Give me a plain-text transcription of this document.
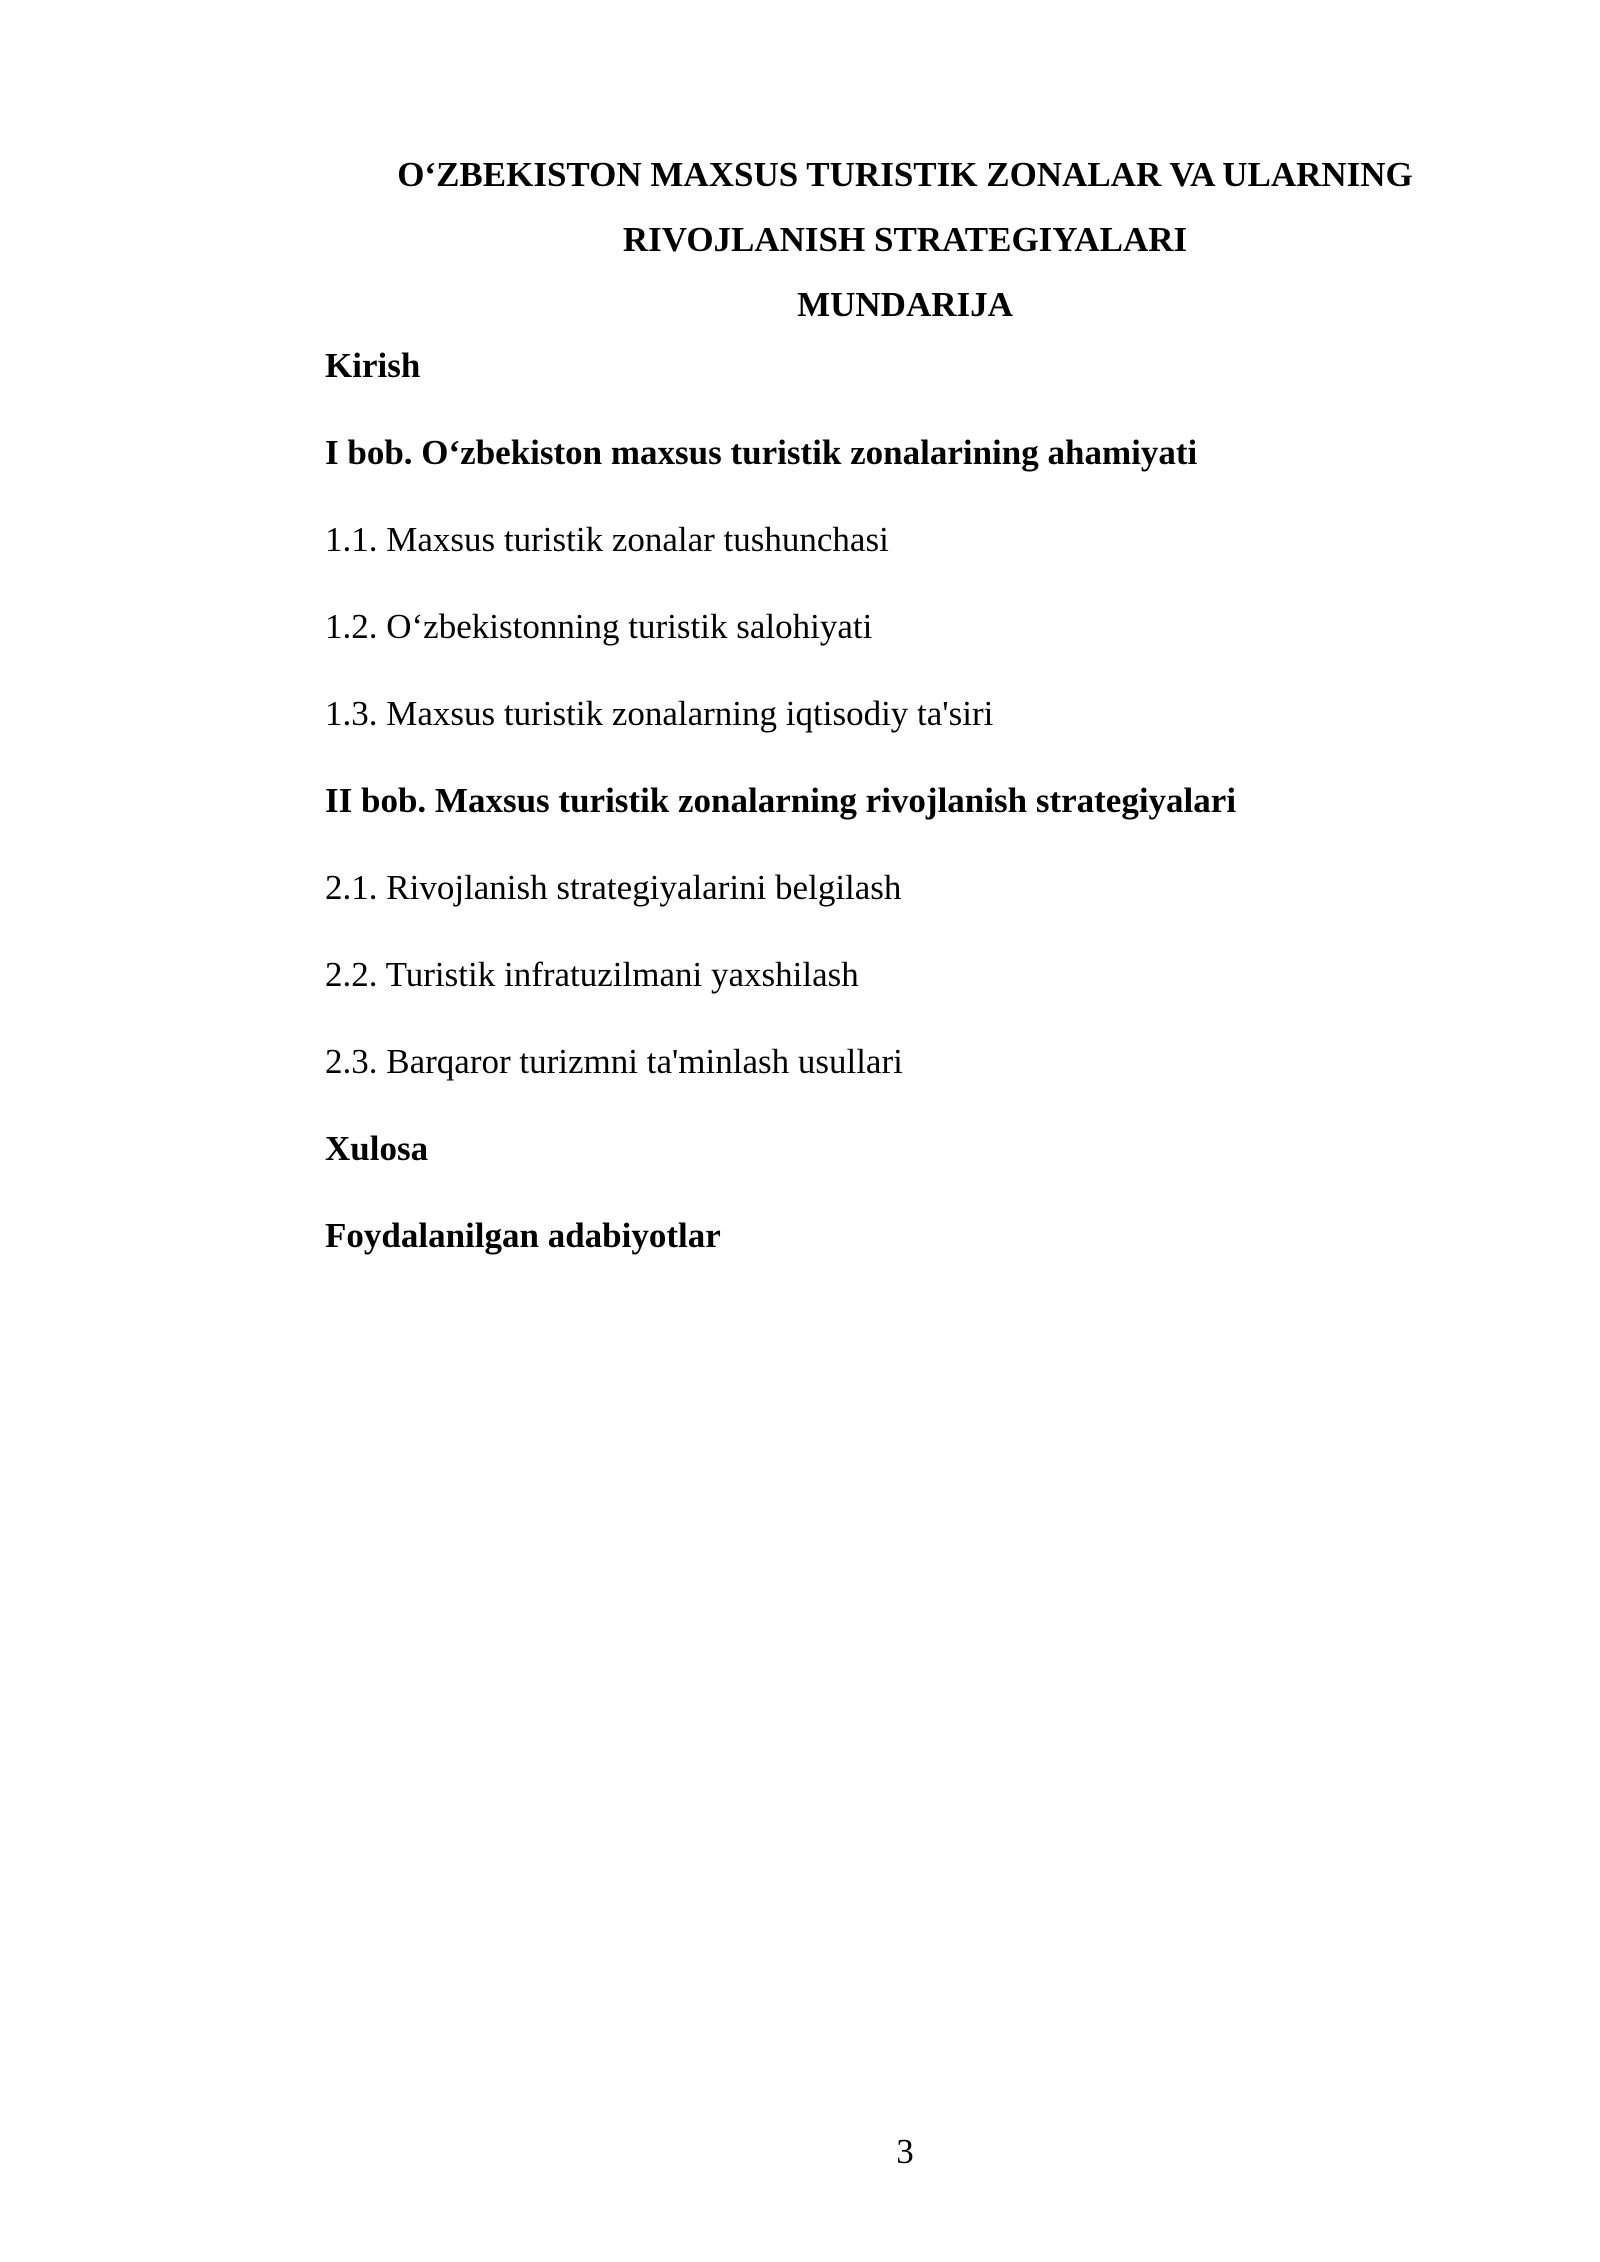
O‘ZBEKISTON MAXSUS TURISTIK ZONALAR VA ULARNING
RIVOJLANISH STRATEGIYALARI
MUNDARIJA
Kirish
I bob. O‘zbekiston maxsus turistik zonalarining ahamiyati
1.1. Maxsus turistik zonalar tushunchasi
1.2. O‘zbekistonning turistik salohiyati
1.3. Maxsus turistik zonalarning iqtisodiy ta'siri
II bob. Maxsus turistik zonalarning rivojlanish strategiyalari
2.1. Rivojlanish strategiyalarini belgilash
2.2. Turistik infratuzilmani yaxshilash
2.3. Barqaror turizmni ta'minlash usullari
Xulosa
Foydalanilgan adabiyotlar
3
